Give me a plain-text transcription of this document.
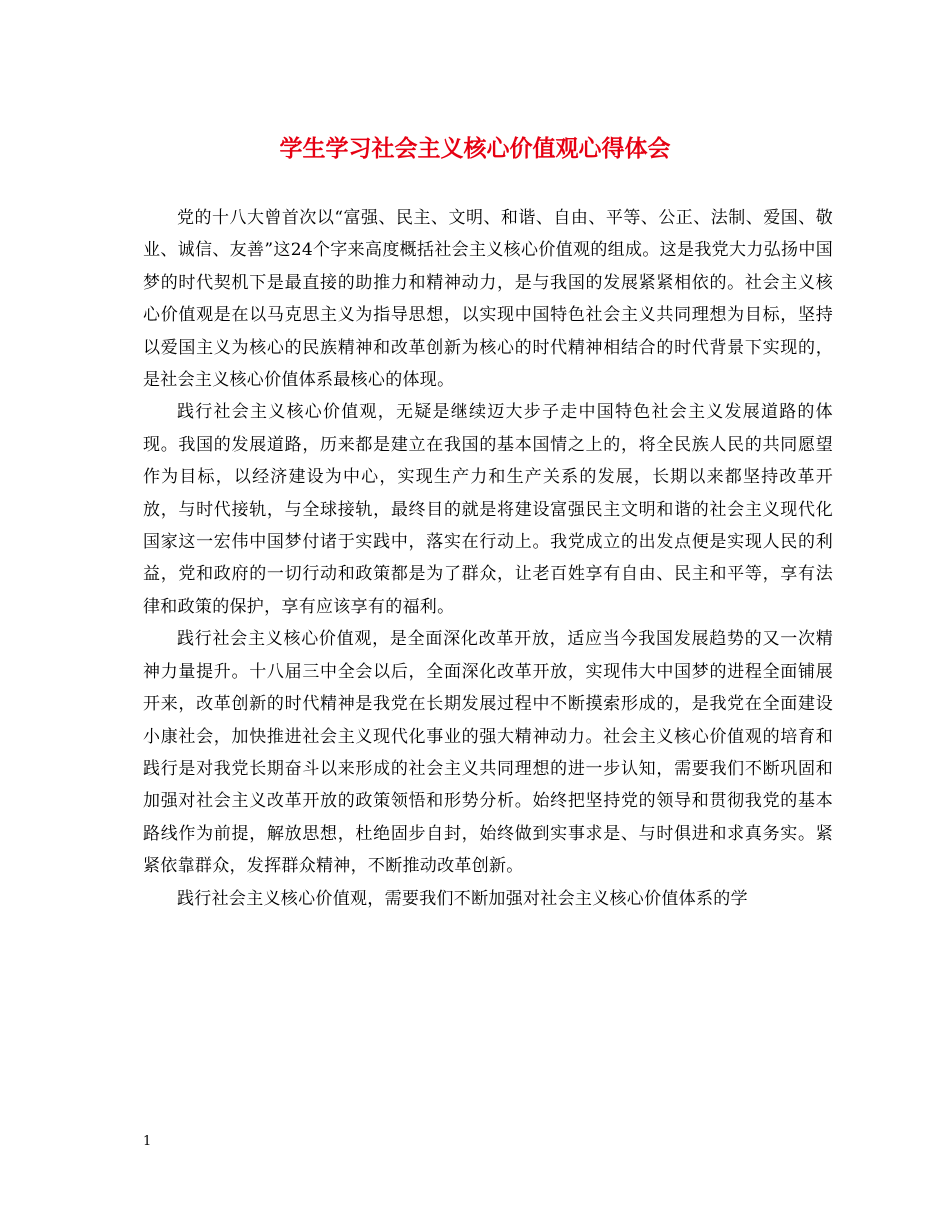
学生学习社会主义核心价值观心得体会

党的十八大曾首次以“富强、民主、文明、和谐、自由、平等、公正、法制、爱国、敬业、诚信、友善”这24个字来高度概括社会主义核心价值观的组成。这是我党大力弘扬中国梦的时代契机下是最直接的助推力和精神动力，是与我国的发展紧紧相依的。社会主义核心价值观是在以马克思主义为指导思想，以实现中国特色社会主义共同理想为目标，坚持以爱国主义为核心的民族精神和改革创新为核心的时代精神相结合的时代背景下实现的，是社会主义核心价值体系最核心的体现。

践行社会主义核心价值观，无疑是继续迈大步子走中国特色社会主义发展道路的体现。我国的发展道路，历来都是建立在我国的基本国情之上的，将全民族人民的共同愿望作为目标，以经济建设为中心，实现生产力和生产关系的发展，长期以来都坚持改革开放，与时代接轨，与全球接轨，最终目的就是将建设富强民主文明和谐的社会主义现代化国家这一宏伟中国梦付诸于实践中，落实在行动上。我党成立的出发点便是实现人民的利益，党和政府的一切行动和政策都是为了群众，让老百姓享有自由、民主和平等，享有法律和政策的保护，享有应该享有的福利。

践行社会主义核心价值观，是全面深化改革开放，适应当今我国发展趋势的又一次精神力量提升。十八届三中全会以后，全面深化改革开放，实现伟大中国梦的进程全面铺展开来，改革创新的时代精神是我党在长期发展过程中不断摸索形成的，是我党在全面建设小康社会，加快推进社会主义现代化事业的强大精神动力。社会主义核心价值观的培育和践行是对我党长期奋斗以来形成的社会主义共同理想的进一步认知，需要我们不断巩固和加强对社会主义改革开放的政策领悟和形势分析。始终把坚持党的领导和贯彻我党的基本路线作为前提，解放思想，杜绝固步自封，始终做到实事求是、与时俱进和求真务实。紧紧依靠群众，发挥群众精神，不断推动改革创新。

践行社会主义核心价值观，需要我们不断加强对社会主义核心价值体系的学

1
